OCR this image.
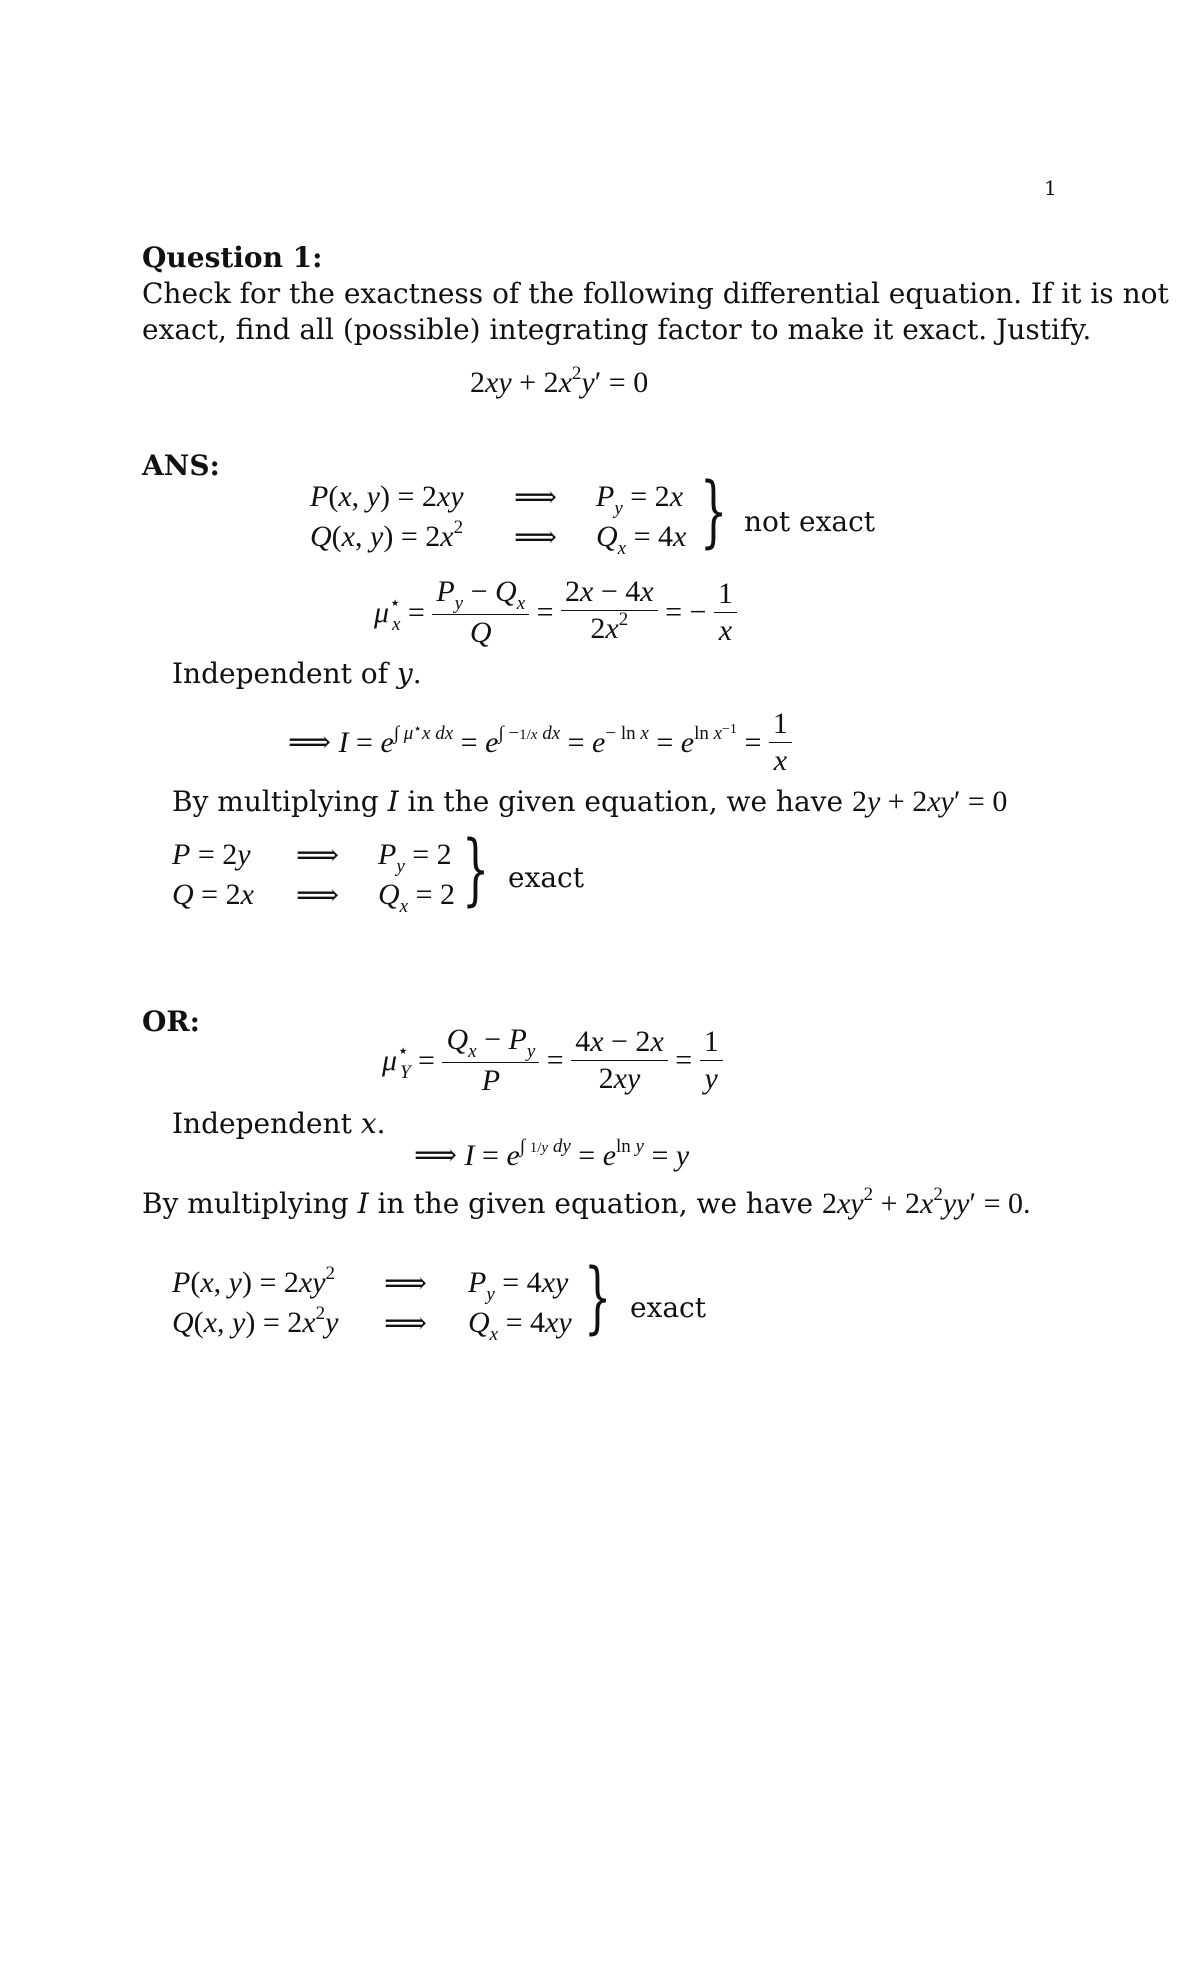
1
Question 1:
Check for the exactness of the following differential equation. If it is not
exact, find all (possible) integrating factor to make it exact. Justify.
$2xy + 2x^2y' = 0$
ANS:
P(x, y) = 2xy ⟹ $P_y = 2x$
Q(x, $y) = 2x^2$ ⟹ $Q_x = 4x$ } not exact
$\mu^⋆_x = \frac{P_y - Q_x}{Q} = \frac{2x - 4x}{2x^2}$ = − $\frac{1}{x}$
Independent of y.
⟹ $I = e^{\int \mu^⋆x dx} = e^{\int -1/x dx} = e^{- ln x} = e^{ln x^{-1}} = \frac{1}{x}$
By multiplying I in the given equation, we have 2y + 2xy′ = 0
P = 2y ⟹ $P_y = 2$
Q = 2x ⟹ $Q_x = 2$ } exact
OR:
$\mu^⋆_Y = \frac{Q_x - P_y}{P} = \frac{4x - 2x}{2xy} = \frac{1}{y}$
Independent x.
⟹ $I = e^{\int 1/y dy} = e^{ln y} = y$
By multiplying I in the given equation, we have $2xy^2 + 2x^2yy' = 0$.
P(x, $y) = 2xy^2$ ⟹ $P_y = 4xy$
Q(x, $y) = 2x^2y$ ⟹ $Q_x = 4xy$ } exact
